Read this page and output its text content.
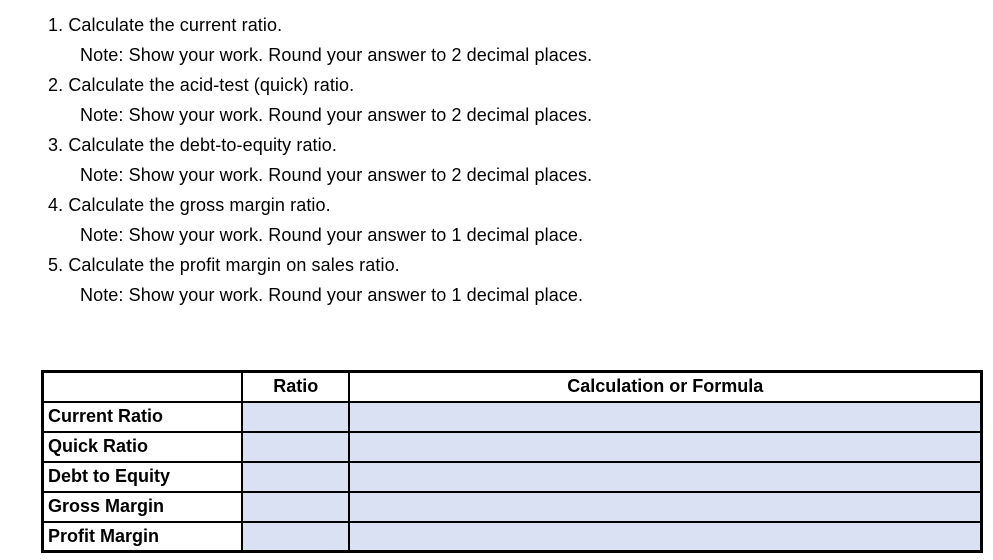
1. Calculate the current ratio.
Note: Show your work. Round your answer to 2 decimal places.
2. Calculate the acid-test (quick) ratio.
Note: Show your work. Round your answer to 2 decimal places.
3. Calculate the debt-to-equity ratio.
Note: Show your work. Round your answer to 2 decimal places.
4. Calculate the gross margin ratio.
Note: Show your work. Round your answer to 1 decimal place.
5. Calculate the profit margin on sales ratio.
Note: Show your work. Round your answer to 1 decimal place.
	Ratio	Calculation or Formula
Current Ratio		
Quick Ratio		
Debt to Equity		
Gross Margin		
Profit Margin		
